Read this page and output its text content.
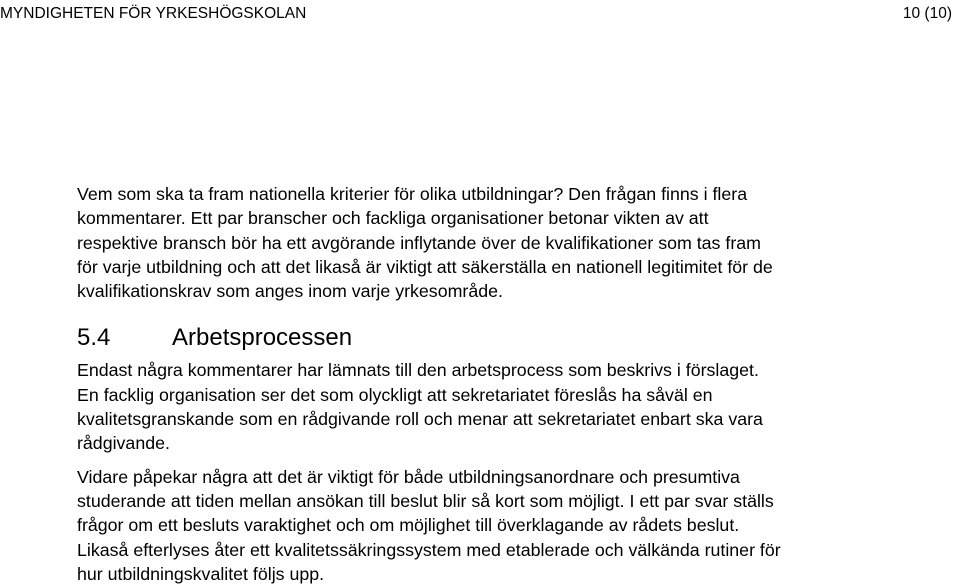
MYNDIGHETEN FÖR YRKESHÖGSKOLAN	10 (10)

Vem som ska ta fram nationella kriterier för olika utbildningar? Den frågan finns i flera
kommentarer. Ett par branscher och fackliga organisationer betonar vikten av att
respektive bransch bör ha ett avgörande inflytande över de kvalifikationer som tas fram
för varje utbildning och att det likaså är viktigt att säkerställa en nationell legitimitet för de
kvalifikationskrav som anges inom varje yrkesområde.

5.4	Arbetsprocessen

Endast några kommentarer har lämnats till den arbetsprocess som beskrivs i förslaget.
En facklig organisation ser det som olyckligt att sekretariatet föreslås ha såväl en
kvalitetsgranskande som en rådgivande roll och menar att sekretariatet enbart ska vara
rådgivande.

Vidare påpekar några att det är viktigt för både utbildningsanordnare och presumtiva
studerande att tiden mellan ansökan till beslut blir så kort som möjligt. I ett par svar ställs
frågor om ett besluts varaktighet och om möjlighet till överklagande av rådets beslut.
Likaså efterlyses åter ett kvalitetssäkringssystem med etablerade och välkända rutiner för
hur utbildningskvalitet följs upp.
